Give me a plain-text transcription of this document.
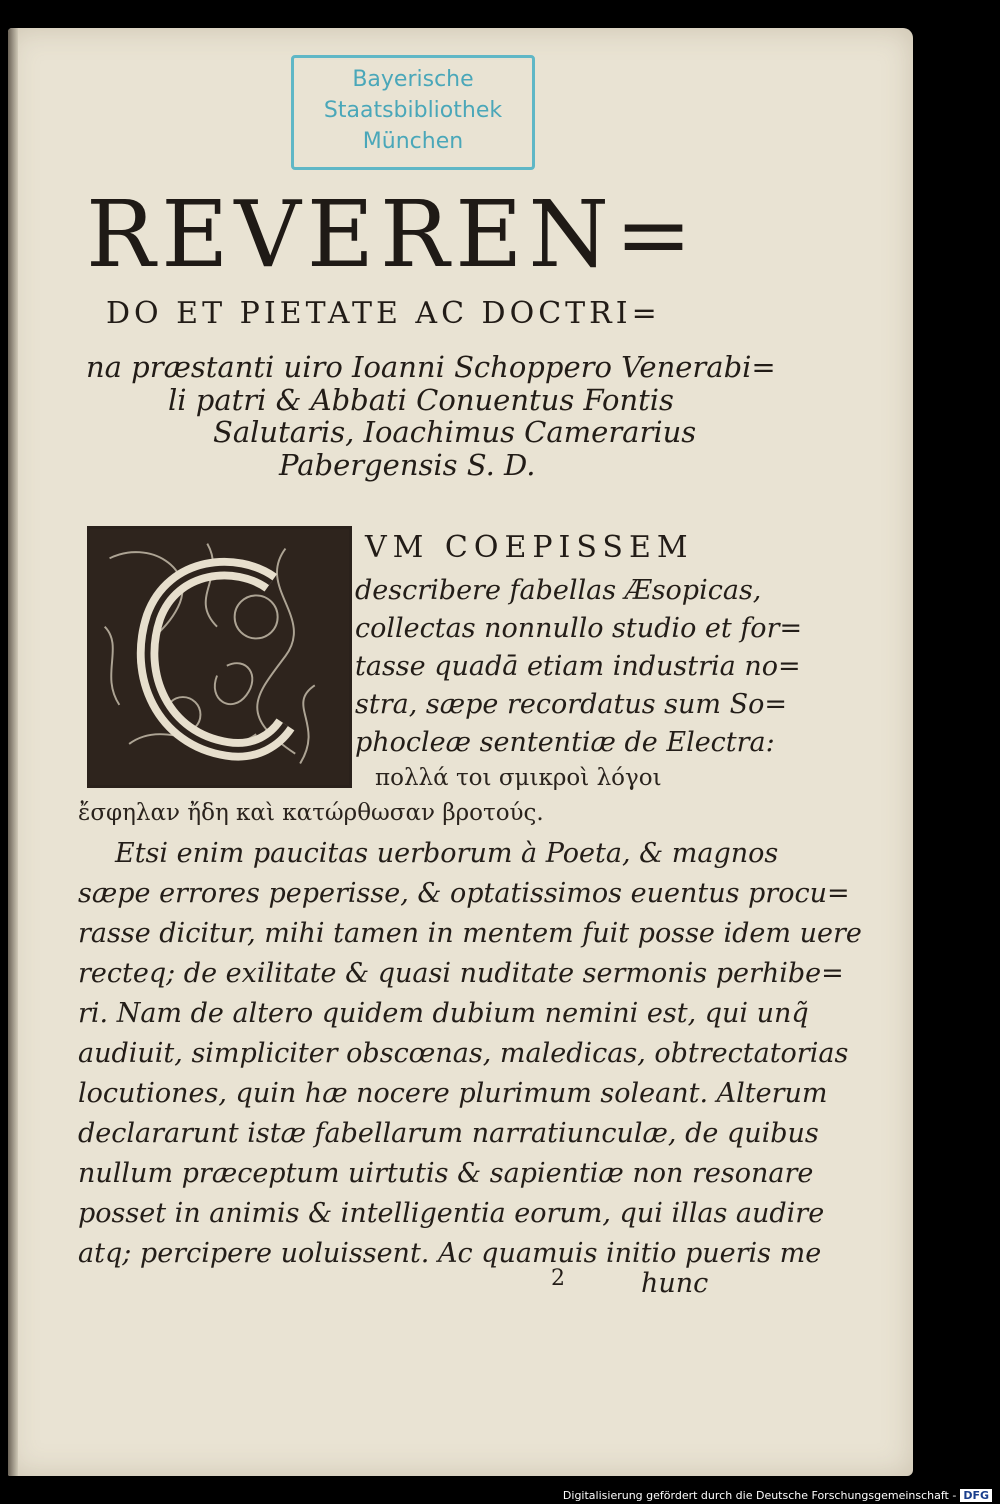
Bayerische
Staatsbibliothek
München
REVEREN=
DO ET PIETATE AC DOCTRI=
na præstanti uiro Ioanni Schoppero Venerabi=
li patri & Abbati Conuentus Fontis
Salutaris, Ioachimus Camerarius
Pabergensis S. D.
VM COEPISSEM
describere fabellas Æsopicas,
collectas nonnullo studio et for=
tasse quadā etiam industria no=
stra, sæpe recordatus sum So=
phocleæ sententiæ de Electra:
πολλά τοι σμικροὶ λόγοι
ἔσφηλαν ἤδη καὶ κατώρθωσαν βροτούς.
Etsi enim paucitas uerborum à Poeta, & magnos
sæpe errores peperisse, & optatissimos euentus procu=
rasse dicitur, mihi tamen in mentem fuit posse idem uere
recteq; de exilitate & quasi nuditate sermonis perhibe=
ri. Nam de altero quidem dubium nemini est, qui unq̃
audiuit, simpliciter obscœnas, maledicas, obtrectatorias
locutiones, quin hæ nocere plurimum soleant. Alterum
declararunt istæ fabellarum narratiunculæ, de quibus
nullum præceptum uirtutis & sapientiæ non resonare
posset in animis & intelligentia eorum, qui illas audire
atq; percipere uoluissent. Ac quamuis initio pueris me
2	hunc
Digitalisierung gefördert durch die Deutsche Forschungsgemeinschaft - DFG
